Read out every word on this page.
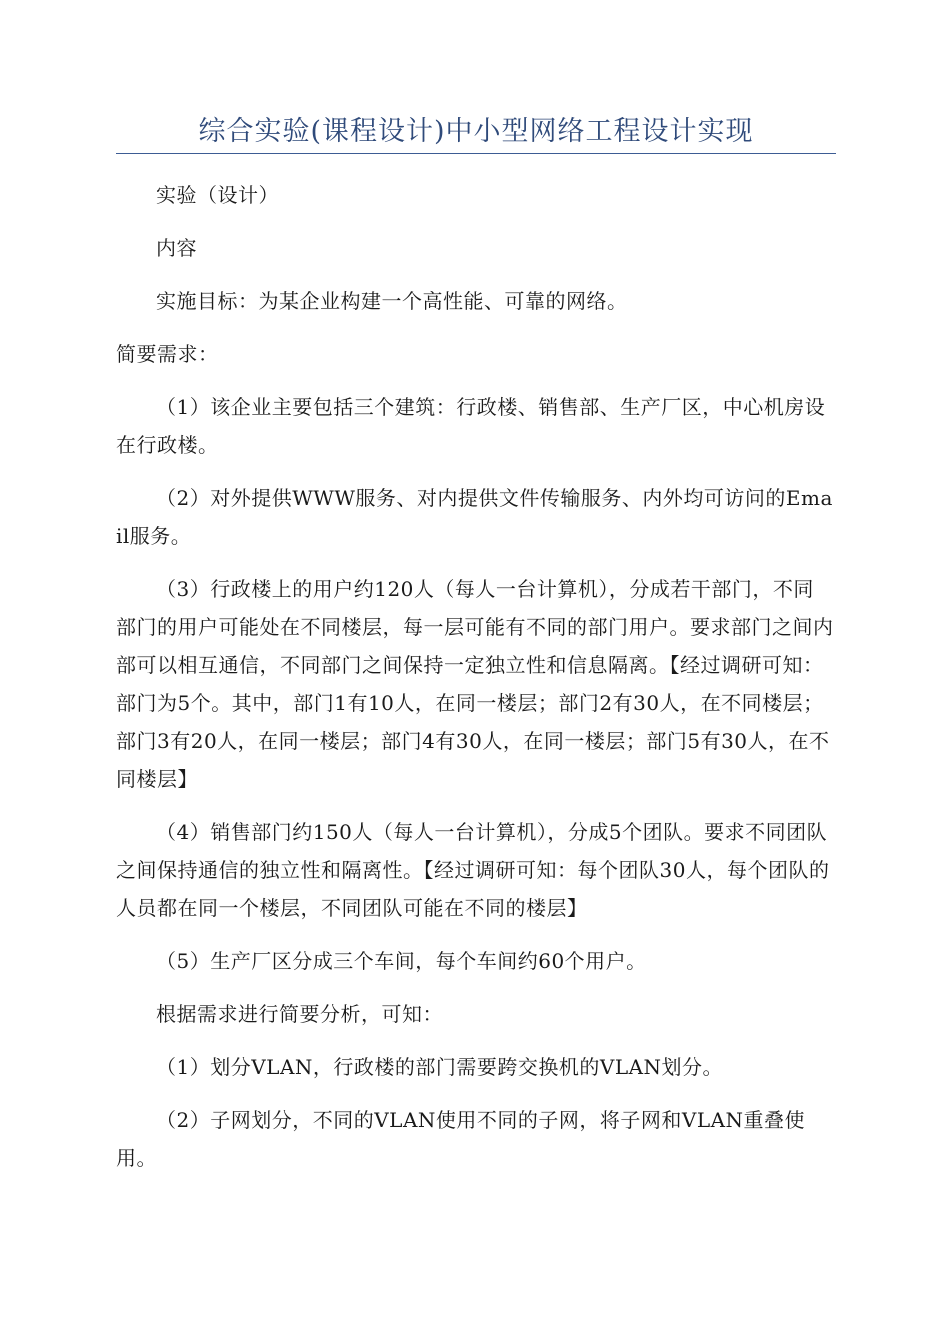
综合实验(课程设计)中小型网络工程设计实现

实验（设计）

内容

实施目标：为某企业构建一个高性能、可靠的网络。

简要需求：

（1）该企业主要包括三个建筑：行政楼、销售部、生产厂区，中心机房设在行政楼。

（2）对外提供WWW服务、对内提供文件传输服务、内外均可访问的Email服务。

（3）行政楼上的用户约120人（每人一台计算机），分成若干部门，不同部门的用户可能处在不同楼层，每一层可能有不同的部门用户。要求部门之间内部可以相互通信，不同部门之间保持一定独立性和信息隔离。【经过调研可知：部门为5个。其中，部门1有10人，在同一楼层；部门2有30人，在不同楼层；部门3有20人，在同一楼层；部门4有30人，在同一楼层；部门5有30人，在不同楼层】

（4）销售部门约150人（每人一台计算机），分成5个团队。要求不同团队之间保持通信的独立性和隔离性。【经过调研可知：每个团队30人，每个团队的人员都在同一个楼层，不同团队可能在不同的楼层】

（5）生产厂区分成三个车间，每个车间约60个用户。

根据需求进行简要分析，可知：

（1）划分VLAN，行政楼的部门需要跨交换机的VLAN划分。

（2）子网划分，不同的VLAN使用不同的子网，将子网和VLAN重叠使用。
